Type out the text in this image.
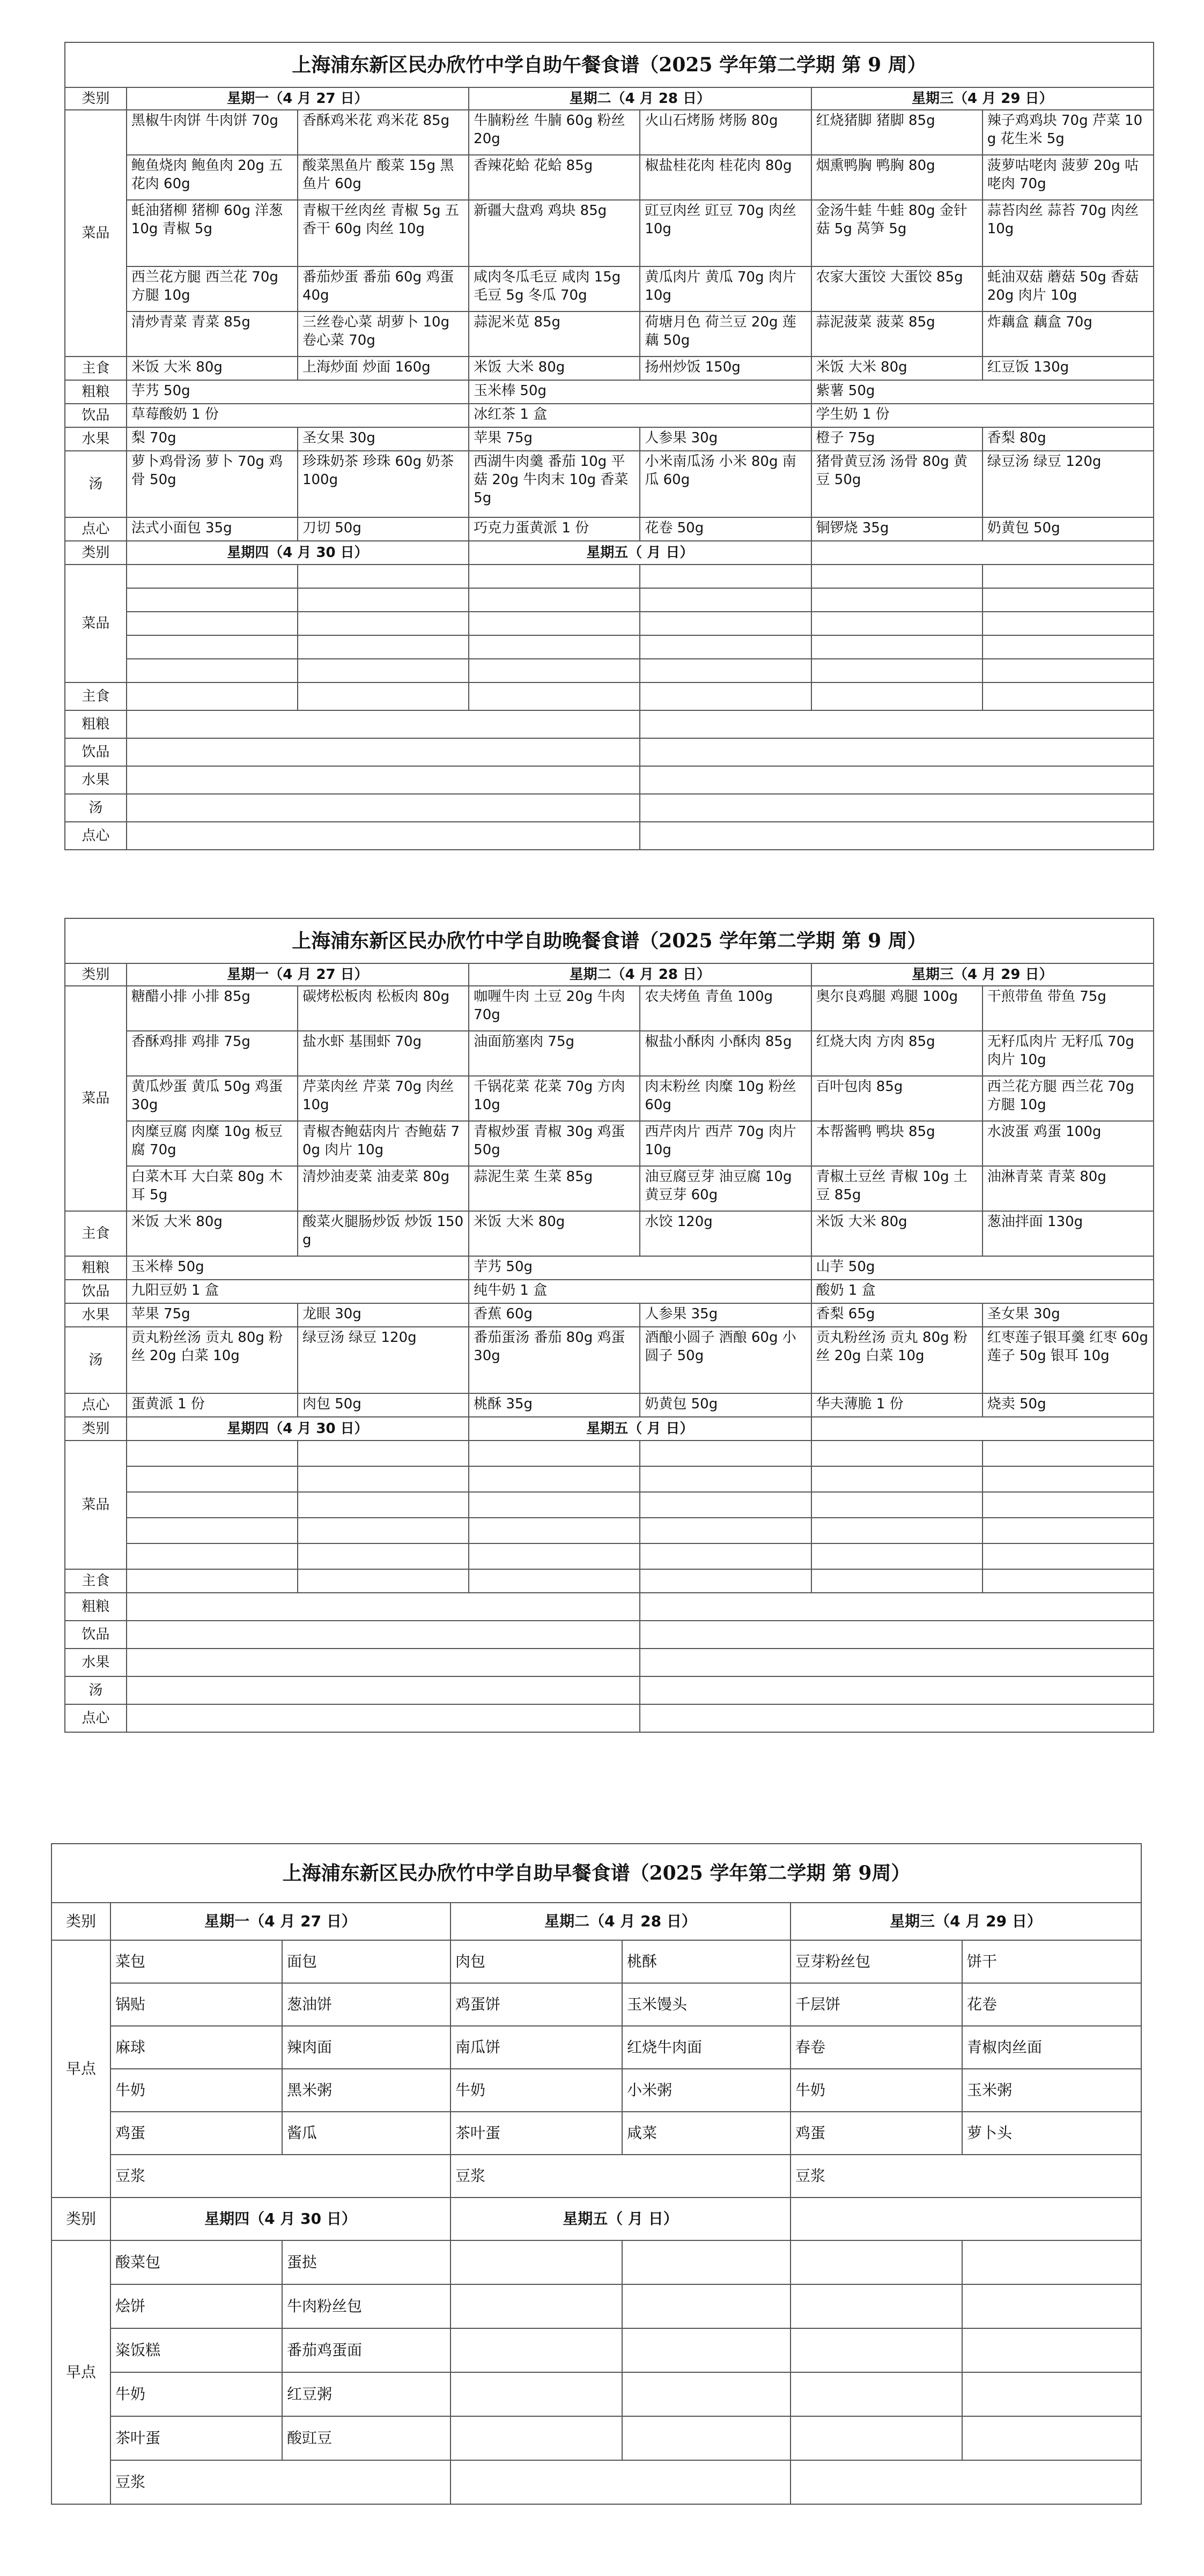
上海浦东新区民办欣竹中学自助午餐食谱（2025 学年第二学期 第 9 周）						
类别	星期一（4 月 27 日）		星期二（4 月 28 日）		星期三（4 月 29 日）	
菜品	黑椒牛肉饼 牛肉饼 70g	香酥鸡米花 鸡米花 85g	牛腩粉丝 牛腩 60g 粉丝 20g	火山石烤肠 烤肠 80g	红烧猪脚 猪脚 85g	辣子鸡鸡块 70g 芹菜 10g 花生米 5g
	鲍鱼烧肉 鲍鱼肉 20g 五花肉 60g	酸菜黑鱼片 酸菜 15g 黑鱼片 60g	香辣花蛤 花蛤 85g	椒盐桂花肉 桂花肉 80g	烟熏鸭胸 鸭胸 80g	菠萝咕咾肉 菠萝 20g 咕咾肉 70g
	蚝油猪柳 猪柳 60g 洋葱 10g 青椒 5g	青椒干丝肉丝 青椒 5g 五香干 60g 肉丝 10g	新疆大盘鸡 鸡块 85g	豇豆肉丝 豇豆 70g 肉丝 10g	金汤牛蛙 牛蛙 80g 金针菇 5g 莴笋 5g	蒜苔肉丝 蒜苔 70g 肉丝 10g
	西兰花方腿 西兰花 70g 方腿 10g	番茄炒蛋 番茄 60g 鸡蛋 40g	咸肉冬瓜毛豆 咸肉 15g 毛豆 5g 冬瓜 70g	黄瓜肉片 黄瓜 70g 肉片 10g	农家大蛋饺 大蛋饺 85g	蚝油双菇 蘑菇 50g 香菇 20g 肉片 10g
	清炒青菜 青菜 85g	三丝卷心菜 胡萝卜 10g 卷心菜 70g	蒜泥米苋 85g	荷塘月色 荷兰豆 20g 莲藕 50g	蒜泥菠菜 菠菜 85g	炸藕盒 藕盒 70g
主食	米饭 大米 80g	上海炒面 炒面 160g	米饭 大米 80g	扬州炒饭 150g	米饭 大米 80g	红豆饭 130g
粗粮	芋艿 50g		玉米棒 50g		紫薯 50g	
饮品	草莓酸奶 1 份		冰红茶 1 盒		学生奶 1 份	
水果	梨 70g	圣女果 30g	苹果 75g	人参果 30g	橙子 75g	香梨 80g
汤	萝卜鸡骨汤 萝卜 70g 鸡骨 50g	珍珠奶茶 珍珠 60g 奶茶 100g	西湖牛肉羹 番茄 10g 平菇 20g 牛肉末 10g 香菜 5g	小米南瓜汤 小米 80g 南瓜 60g	猪骨黄豆汤 汤骨 80g 黄豆 50g	绿豆汤 绿豆 120g
点心	法式小面包 35g	刀切 50g	巧克力蛋黄派 1 份	花卷 50g	铜锣烧 35g	奶黄包 50g
类别	星期四（4 月 30 日）		星期五（ 月 日）			
菜品						

主食						
粗粮						
饮品						
水果						
汤						
点心						
上海浦东新区民办欣竹中学自助晚餐食谱（2025 学年第二学期 第 9 周）						
类别	星期一（4 月 27 日）		星期二（4 月 28 日）		星期三（4 月 29 日）	
菜品	糖醋小排 小排 85g	碳烤松板肉 松板肉 80g	咖喱牛肉 土豆 20g 牛肉 70g	农夫烤鱼 青鱼 100g	奥尔良鸡腿 鸡腿 100g	干煎带鱼 带鱼 75g
	香酥鸡排 鸡排 75g	盐水虾 基围虾 70g	油面筋塞肉 75g	椒盐小酥肉 小酥肉 85g	红烧大肉 方肉 85g	无籽瓜肉片 无籽瓜 70g 肉片 10g
	黄瓜炒蛋 黄瓜 50g 鸡蛋 30g	芹菜肉丝 芹菜 70g 肉丝 10g	千锅花菜 花菜 70g 方肉 10g	肉末粉丝 肉糜 10g 粉丝 60g	百叶包肉 85g	西兰花方腿 西兰花 70g 方腿 10g
	肉糜豆腐 肉糜 10g 板豆腐 70g	青椒杏鲍菇肉片 杏鲍菇 70g 肉片 10g	青椒炒蛋 青椒 30g 鸡蛋 50g	西芹肉片 西芹 70g 肉片 10g	本帮酱鸭 鸭块 85g	水波蛋 鸡蛋 100g
	白菜木耳 大白菜 80g 木耳 5g	清炒油麦菜 油麦菜 80g	蒜泥生菜 生菜 85g	油豆腐豆芽 油豆腐 10g 黄豆芽 60g	青椒土豆丝 青椒 10g 土豆 85g	油淋青菜 青菜 80g
主食	米饭 大米 80g	酸菜火腿肠炒饭 炒饭 150g	米饭 大米 80g	水饺 120g	米饭 大米 80g	葱油拌面 130g
粗粮	玉米棒 50g		芋艿 50g		山芋 50g	
饮品	九阳豆奶 1 盒		纯牛奶 1 盒		酸奶 1 盒	
水果	苹果 75g	龙眼 30g	香蕉 60g	人参果 35g	香梨 65g	圣女果 30g
汤	贡丸粉丝汤 贡丸 80g 粉丝 20g 白菜 10g	绿豆汤 绿豆 120g	番茄蛋汤 番茄 80g 鸡蛋 30g	酒酿小圆子 酒酿 60g 小圆子 50g	贡丸粉丝汤 贡丸 80g 粉丝 20g 白菜 10g	红枣莲子银耳羹 红枣 60g 莲子 50g 银耳 10g
点心	蛋黄派 1 份	肉包 50g	桃酥 35g	奶黄包 50g	华夫薄脆 1 份	烧卖 50g
类别	星期四（4 月 30 日）		星期五（ 月 日）			
菜品						

主食						
粗粮						
饮品						
水果						
汤						
点心						
上海浦东新区民办欣竹中学自助早餐食谱（2025 学年第二学期 第 9周）						
类别	星期一（4 月 27 日）		星期二（4 月 28 日）		星期三（4 月 29 日）	
早点	菜包	面包	肉包	桃酥	豆芽粉丝包	饼干
	锅贴	葱油饼	鸡蛋饼	玉米馒头	千层饼	花卷
	麻球	辣肉面	南瓜饼	红烧牛肉面	春卷	青椒肉丝面
	牛奶	黑米粥	牛奶	小米粥	牛奶	玉米粥
	鸡蛋	酱瓜	茶叶蛋	咸菜	鸡蛋	萝卜头
	豆浆		豆浆		豆浆	
类别	星期四（4 月 30 日）		星期五（ 月 日）			
早点	酸菜包	蛋挞				
	烩饼	牛肉粉丝包				
	粢饭糕	番茄鸡蛋面				
	牛奶	红豆粥				
	茶叶蛋	酸豇豆				
	豆浆					
